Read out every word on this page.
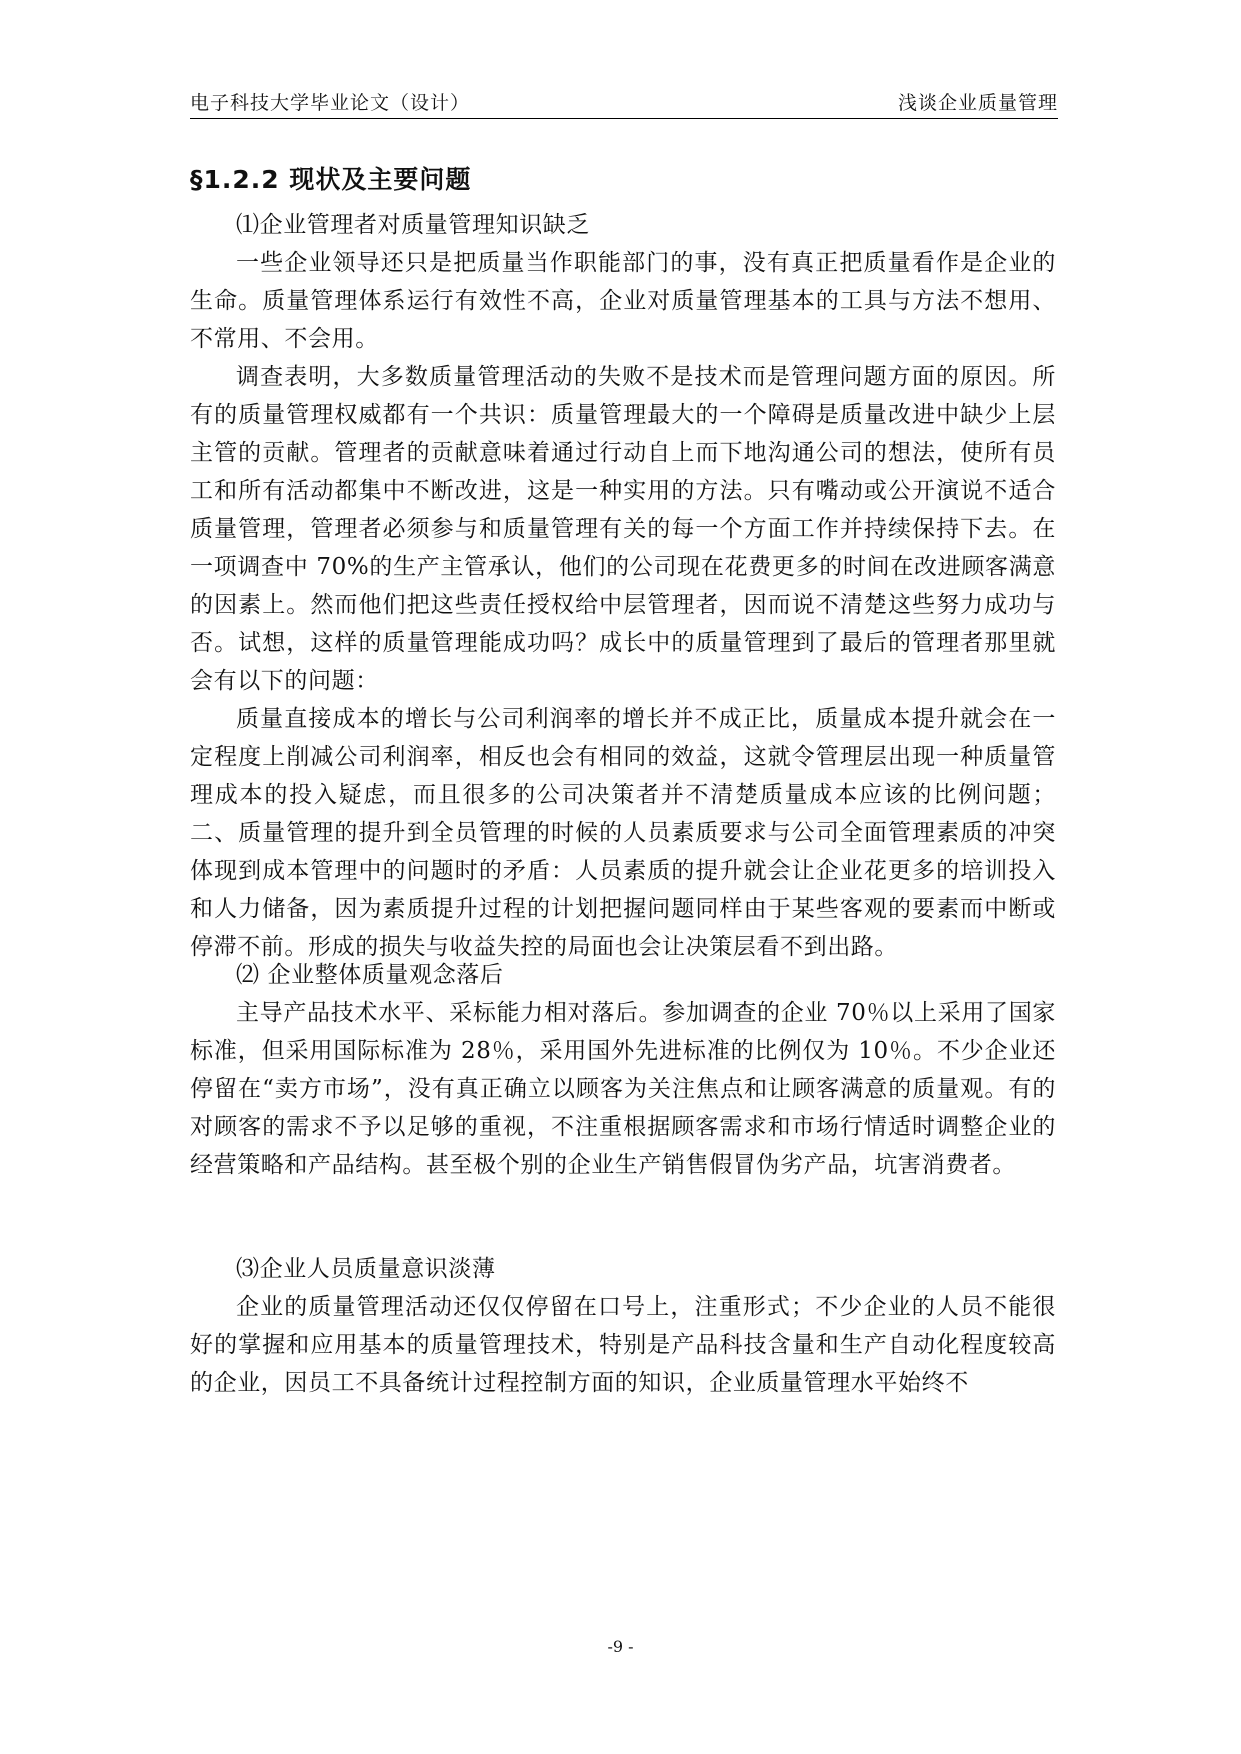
电子科技大学毕业论文（设计）	浅谈企业质量管理
§1.2.2 现状及主要问题
⑴企业管理者对质量管理知识缺乏
一些企业领导还只是把质量当作职能部门的事，没有真正把质量看作是企业的生命。质量管理体系运行有效性不高，企业对质量管理基本的工具与方法不想用、不常用、不会用。
调查表明，大多数质量管理活动的失败不是技术而是管理问题方面的原因。所有的质量管理权威都有一个共识：质量管理最大的一个障碍是质量改进中缺少上层主管的贡献。管理者的贡献意味着通过行动自上而下地沟通公司的想法，使所有员工和所有活动都集中不断改进，这是一种实用的方法。只有嘴动或公开演说不适合质量管理，管理者必须参与和质量管理有关的每一个方面工作并持续保持下去。在一项调查中 70%的生产主管承认，他们的公司现在花费更多的时间在改进顾客满意的因素上。然而他们把这些责任授权给中层管理者，因而说不清楚这些努力成功与否。试想，这样的质量管理能成功吗？成长中的质量管理到了最后的管理者那里就会有以下的问题：
质量直接成本的增长与公司利润率的增长并不成正比，质量成本提升就会在一定程度上削减公司利润率，相反也会有相同的效益，这就令管理层出现一种质量管理成本的投入疑虑，而且很多的公司决策者并不清楚质量成本应该的比例问题；二、质量管理的提升到全员管理的时候的人员素质要求与公司全面管理素质的冲突体现到成本管理中的问题时的矛盾：人员素质的提升就会让企业花更多的培训投入和人力储备，因为素质提升过程的计划把握问题同样由于某些客观的要素而中断或停滞不前。形成的损失与收益失控的局面也会让决策层看不到出路。
⑵ 企业整体质量观念落后
主导产品技术水平、采标能力相对落后。参加调查的企业 70％以上采用了国家标准，但采用国际标准为 28％，采用国外先进标准的比例仅为 10％。不少企业还停留在“卖方市场”，没有真正确立以顾客为关注焦点和让顾客满意的质量观。有的对顾客的需求不予以足够的重视，不注重根据顾客需求和市场行情适时调整企业的经营策略和产品结构。甚至极个别的企业生产销售假冒伪劣产品，坑害消费者。
⑶企业人员质量意识淡薄
企业的质量管理活动还仅仅停留在口号上，注重形式；不少企业的人员不能很好的掌握和应用基本的质量管理技术，特别是产品科技含量和生产自动化程度较高的企业，因员工不具备统计过程控制方面的知识，企业质量管理水平始终不
-9 -
